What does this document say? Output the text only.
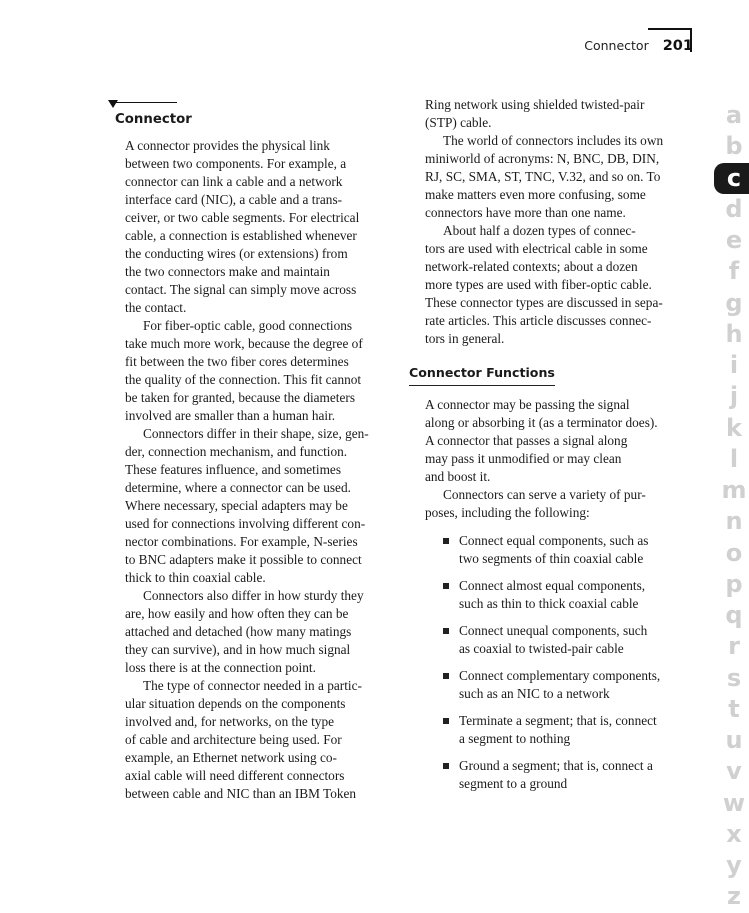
Connector 201
Connector
A connector provides the physical link
between two components. For example, a
connector can link a cable and a network
interface card (NIC), a cable and a trans-
ceiver, or two cable segments. For electrical
cable, a connection is established whenever
the conducting wires (or extensions) from
the two connectors make and maintain
contact. The signal can simply move across
the contact.
For fiber-optic cable, good connections
take much more work, because the degree of
fit between the two fiber cores determines
the quality of the connection. This fit cannot
be taken for granted, because the diameters
involved are smaller than a human hair.
Connectors differ in their shape, size, gen-
der, connection mechanism, and function.
These features influence, and sometimes
determine, where a connector can be used.
Where necessary, special adapters may be
used for connections involving different con-
nector combinations. For example, N-series
to BNC adapters make it possible to connect
thick to thin coaxial cable.
Connectors also differ in how sturdy they
are, how easily and how often they can be
attached and detached (how many matings
they can survive), and in how much signal
loss there is at the connection point.
The type of connector needed in a partic-
ular situation depends on the components
involved and, for networks, on the type
of cable and architecture being used. For
example, an Ethernet network using co-
axial cable will need different connectors
between cable and NIC than an IBM Token
Ring network using shielded twisted-pair
(STP) cable.
The world of connectors includes its own
miniworld of acronyms: N, BNC, DB, DIN,
RJ, SC, SMA, ST, TNC, V.32, and so on. To
make matters even more confusing, some
connectors have more than one name.
About half a dozen types of connec-
tors are used with electrical cable in some
network-related contexts; about a dozen
more types are used with fiber-optic cable.
These connector types are discussed in sepa-
rate articles. This article discusses connec-
tors in general.
Connector Functions
A connector may be passing the signal
along or absorbing it (as a terminator does).
A connector that passes a signal along
may pass it unmodified or may clean
and boost it.
Connectors can serve a variety of pur-
poses, including the following:
Connect equal components, such as
two segments of thin coaxial cable
Connect almost equal components,
such as thin to thick coaxial cable
Connect unequal components, such
as coaxial to twisted-pair cable
Connect complementary components,
such as an NIC to a network
Terminate a segment; that is, connect
a segment to nothing
Ground a segment; that is, connect a
segment to a ground
a
b
c
d
e
f
g
h
i
j
k
l
m
n
o
p
q
r
s
t
u
v
w
x
y
z
